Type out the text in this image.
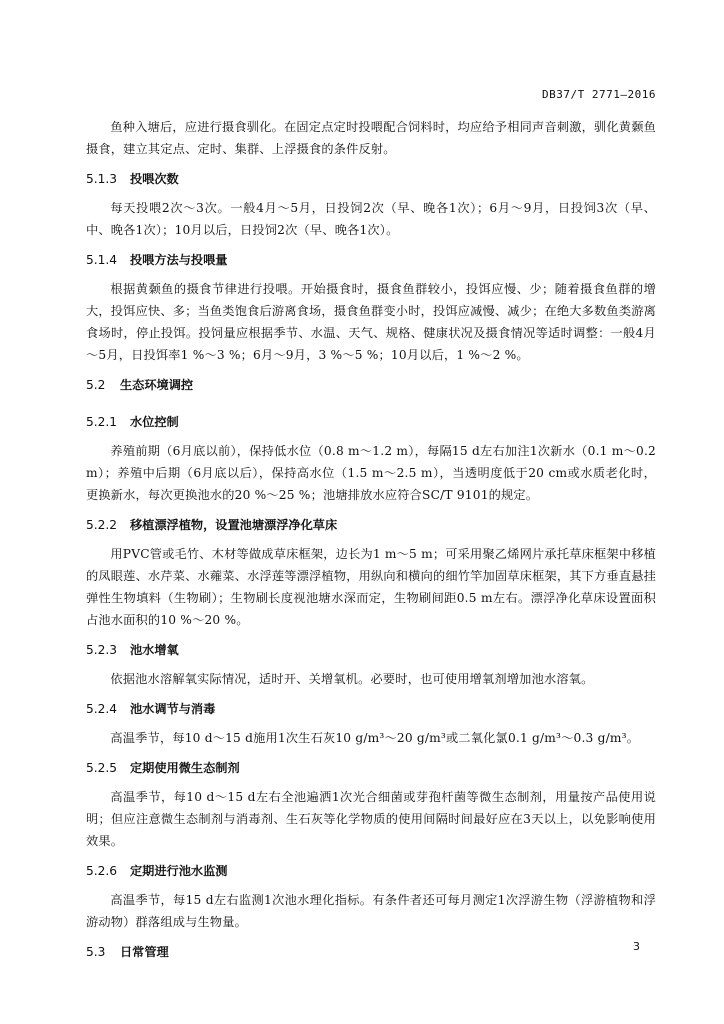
DB37/T 2771—2016

鱼种入塘后，应进行摄食驯化。在固定点定时投喂配合饲料时，均应给予相同声音刺激，驯化黄颡鱼摄食，建立其定点、定时、集群、上浮摄食的条件反射。

5.1.3 投喂次数

每天投喂2次～3次。一般4月～5月，日投饲2次（早、晚各1次）；6月～9月，日投饲3次（早、中、晚各1次）；10月以后，日投饲2次（早、晚各1次）。

5.1.4 投喂方法与投喂量

根据黄颡鱼的摄食节律进行投喂。开始摄食时，摄食鱼群较小，投饵应慢、少；随着摄食鱼群的增大，投饵应快、多；当鱼类饱食后游离食场，摄食鱼群变小时，投饵应减慢、减少；在绝大多数鱼类游离食场时，停止投饵。投饲量应根据季节、水温、天气、规格、健康状况及摄食情况等适时调整：一般4月～5月，日投饵率1 %～3 %；6月～9月，3 %～5 %；10月以后，1 %～2 %。

5.2 生态环境调控
5.2.1 水位控制

养殖前期（6月底以前），保持低水位（0.8 m～1.2 m），每隔15 d左右加注1次新水（0.1 m～0.2 m）；养殖中后期（6月底以后），保持高水位（1.5 m～2.5 m），当透明度低于20 cm或水质老化时，更换新水，每次更换池水的20 %～25 %；池塘排放水应符合SC/T 9101的规定。

5.2.2 移植漂浮植物，设置池塘漂浮净化草床

用PVC管或毛竹、木材等做成草床框架，边长为1 m～5 m；可采用聚乙烯网片承托草床框架中移植的凤眼莲、水芹菜、水蕹菜、水浮莲等漂浮植物，用纵向和横向的细竹竿加固草床框架，其下方垂直悬挂弹性生物填料（生物刷）；生物刷长度视池塘水深而定，生物刷间距0.5 m左右。漂浮净化草床设置面积占池水面积的10 %～20 %。

5.2.3 池水增氧

依据池水溶解氧实际情况，适时开、关增氧机。必要时，也可使用增氧剂增加池水溶氧。

5.2.4 池水调节与消毒

高温季节，每10 d～15 d施用1次生石灰10 g/m³～20 g/m³或二氧化氯0.1 g/m³～0.3 g/m³。

5.2.5 定期使用微生态制剂

高温季节，每10 d～15 d左右全池遍洒1次光合细菌或芽孢杆菌等微生态制剂，用量按产品使用说明；但应注意微生态制剂与消毒剂、生石灰等化学物质的使用间隔时间最好应在3天以上，以免影响使用效果。

5.2.6 定期进行池水监测

高温季节，每15 d左右监测1次池水理化指标。有条件者还可每月测定1次浮游生物（浮游植物和浮游动物）群落组成与生物量。

5.3 日常管理	3
